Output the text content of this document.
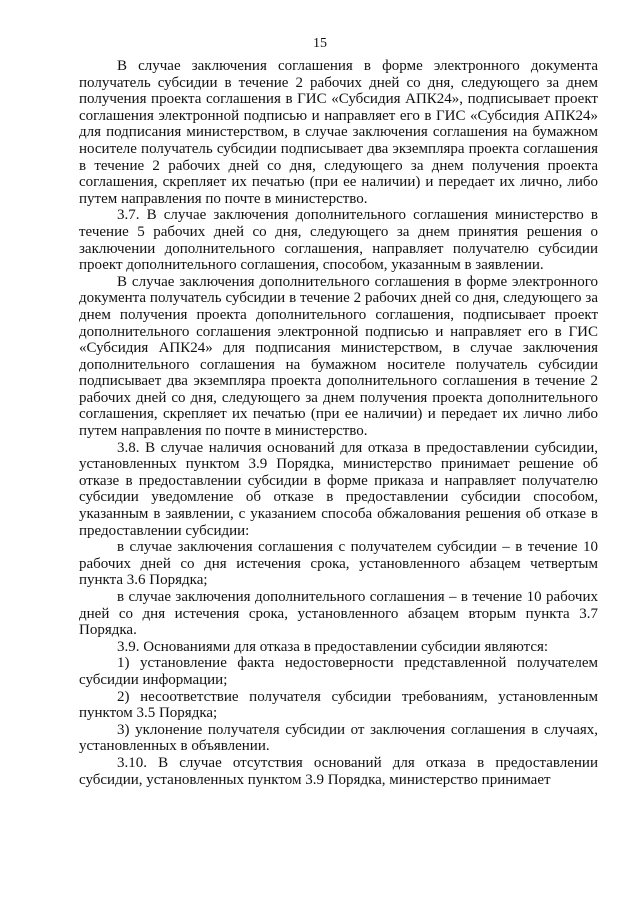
15

В случае заключения соглашения в форме электронного документа получатель субсидии в течение 2 рабочих дней со дня, следующего за днем получения проекта соглашения в ГИС «Субсидия АПК24», подписывает проект соглашения электронной подписью и направляет его в ГИС «Субсидия АПК24» для подписания министерством, в случае заключения соглашения на бумажном носителе получатель субсидии подписывает два экземпляра проекта соглашения в течение 2 рабочих дней со дня, следующего за днем получения проекта соглашения, скрепляет их печатью (при ее наличии) и передает их лично, либо путем направления по почте в министерство.

3.7. В случае заключения дополнительного соглашения министерство в течение 5 рабочих дней со дня, следующего за днем принятия решения о заключении дополнительного соглашения, направляет получателю субсидии проект дополнительного соглашения, способом, указанным в заявлении.

В случае заключения дополнительного соглашения в форме электронного документа получатель субсидии в течение 2 рабочих дней со дня, следующего за днем получения проекта дополнительного соглашения, подписывает проект дополнительного соглашения электронной подписью и направляет его в ГИС «Субсидия АПК24» для подписания министерством, в случае заключения дополнительного соглашения на бумажном носителе получатель субсидии подписывает два экземпляра проекта дополнительного соглашения в течение 2 рабочих дней со дня, следующего за днем получения проекта дополнительного соглашения, скрепляет их печатью (при ее наличии) и передает их лично либо путем направления по почте в министерство.

3.8. В случае наличия оснований для отказа в предоставлении субсидии, установленных пунктом 3.9 Порядка, министерство принимает решение об отказе в предоставлении субсидии в форме приказа и направляет получателю субсидии уведомление об отказе в предоставлении субсидии способом, указанным в заявлении, с указанием способа обжалования решения об отказе в предоставлении субсидии:

в случае заключения соглашения с получателем субсидии – в течение 10 рабочих дней со дня истечения срока, установленного абзацем четвертым пункта 3.6 Порядка;

в случае заключения дополнительного соглашения – в течение 10 рабочих дней со дня истечения срока, установленного абзацем вторым пункта 3.7 Порядка.

3.9. Основаниями для отказа в предоставлении субсидии являются:

1) установление факта недостоверности представленной получателем субсидии информации;

2) несоответствие получателя субсидии требованиям, установленным пунктом 3.5 Порядка;

3) уклонение получателя субсидии от заключения соглашения в случаях, установленных в объявлении.

3.10. В случае отсутствия оснований для отказа в предоставлении субсидии, установленных пунктом 3.9 Порядка, министерство принимает
